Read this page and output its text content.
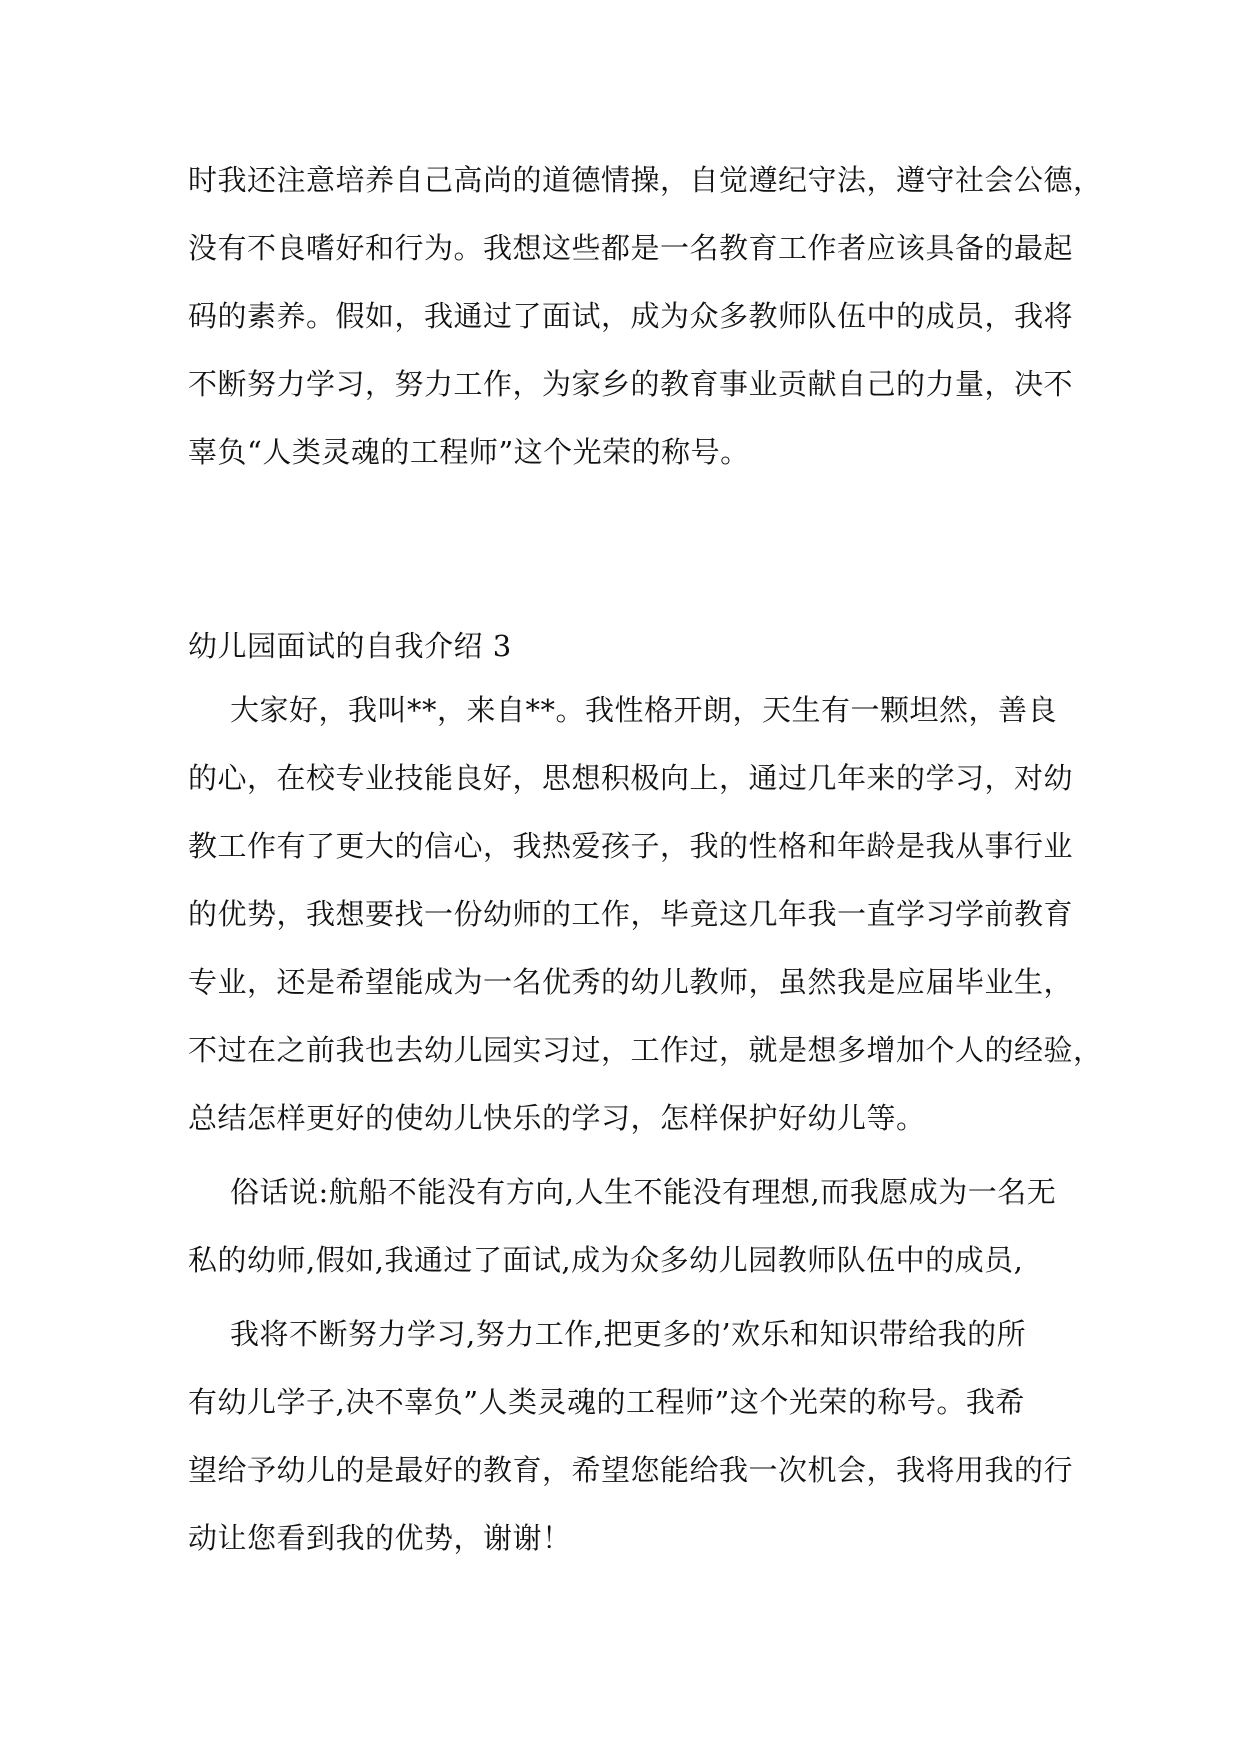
时我还注意培养自己高尚的道德情操，自觉遵纪守法，遵守社会公德，
没有不良嗜好和行为。我想这些都是一名教育工作者应该具备的最起
码的素养。假如，我通过了面试，成为众多教师队伍中的成员，我将
不断努力学习，努力工作，为家乡的教育事业贡献自己的力量，决不
辜负“人类灵魂的工程师”这个光荣的称号。
幼儿园面试的自我介绍 3
大家好，我叫**，来自**。我性格开朗，天生有一颗坦然，善良
的心，在校专业技能良好，思想积极向上，通过几年来的学习，对幼
教工作有了更大的信心，我热爱孩子，我的性格和年龄是我从事行业
的优势，我想要找一份幼师的工作，毕竟这几年我一直学习学前教育
专业，还是希望能成为一名优秀的幼儿教师，虽然我是应届毕业生，
不过在之前我也去幼儿园实习过，工作过，就是想多增加个人的经验，
总结怎样更好的使幼儿快乐的学习，怎样保护好幼儿等。
俗话说:航船不能没有方向,人生不能没有理想,而我愿成为一名无
私的幼师,假如,我通过了面试,成为众多幼儿园教师队伍中的成员,
我将不断努力学习,努力工作,把更多的’欢乐和知识带给我的所
有幼儿学子,决不辜负”人类灵魂的工程师”这个光荣的称号。我希
望给予幼儿的是最好的教育，希望您能给我一次机会，我将用我的行
动让您看到我的优势，谢谢！
